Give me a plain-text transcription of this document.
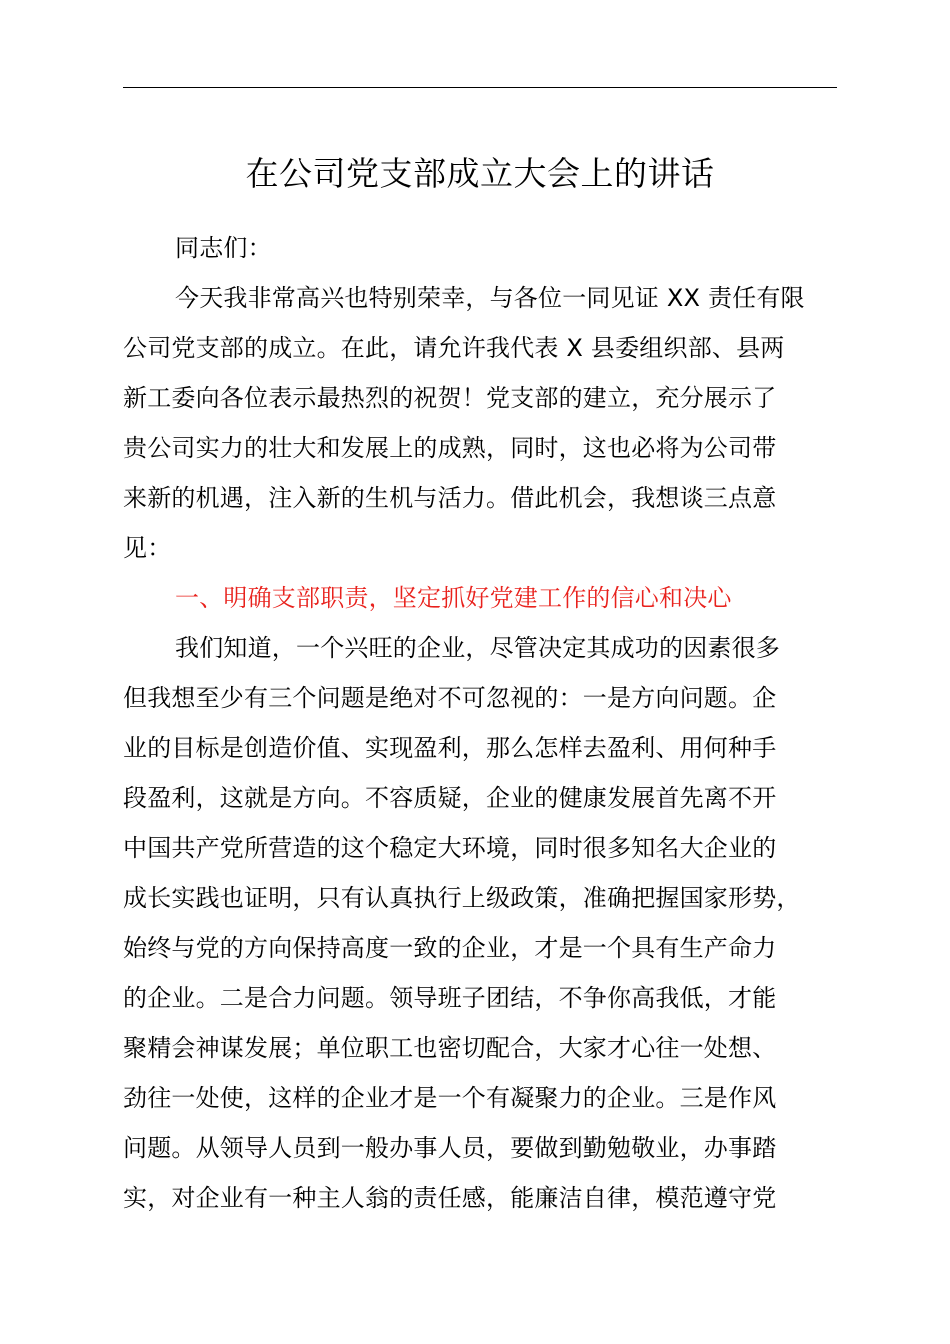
在公司党支部成立大会上的讲话
同志们：
今天我非常高兴也特别荣幸，与各位一同见证 XX 责任有限
公司党支部的成立。在此，请允许我代表 X 县委组织部、县两
新工委向各位表示最热烈的祝贺！党支部的建立，充分展示了
贵公司实力的壮大和发展上的成熟，同时，这也必将为公司带
来新的机遇，注入新的生机与活力。借此机会，我想谈三点意
见：
一、明确支部职责，坚定抓好党建工作的信心和决心
我们知道，一个兴旺的企业，尽管决定其成功的因素很多
但我想至少有三个问题是绝对不可忽视的：一是方向问题。企
业的目标是创造价值、实现盈利，那么怎样去盈利、用何种手
段盈利，这就是方向。不容质疑，企业的健康发展首先离不开
中国共产党所营造的这个稳定大环境，同时很多知名大企业的
成长实践也证明，只有认真执行上级政策，准确把握国家形势，
始终与党的方向保持高度一致的企业，才是一个具有生产命力
的企业。二是合力问题。领导班子团结，不争你高我低，才能
聚精会神谋发展；单位职工也密切配合，大家才心往一处想、
劲往一处使，这样的企业才是一个有凝聚力的企业。三是作风
问题。从领导人员到一般办事人员，要做到勤勉敬业，办事踏
实，对企业有一种主人翁的责任感，能廉洁自律，模范遵守党
